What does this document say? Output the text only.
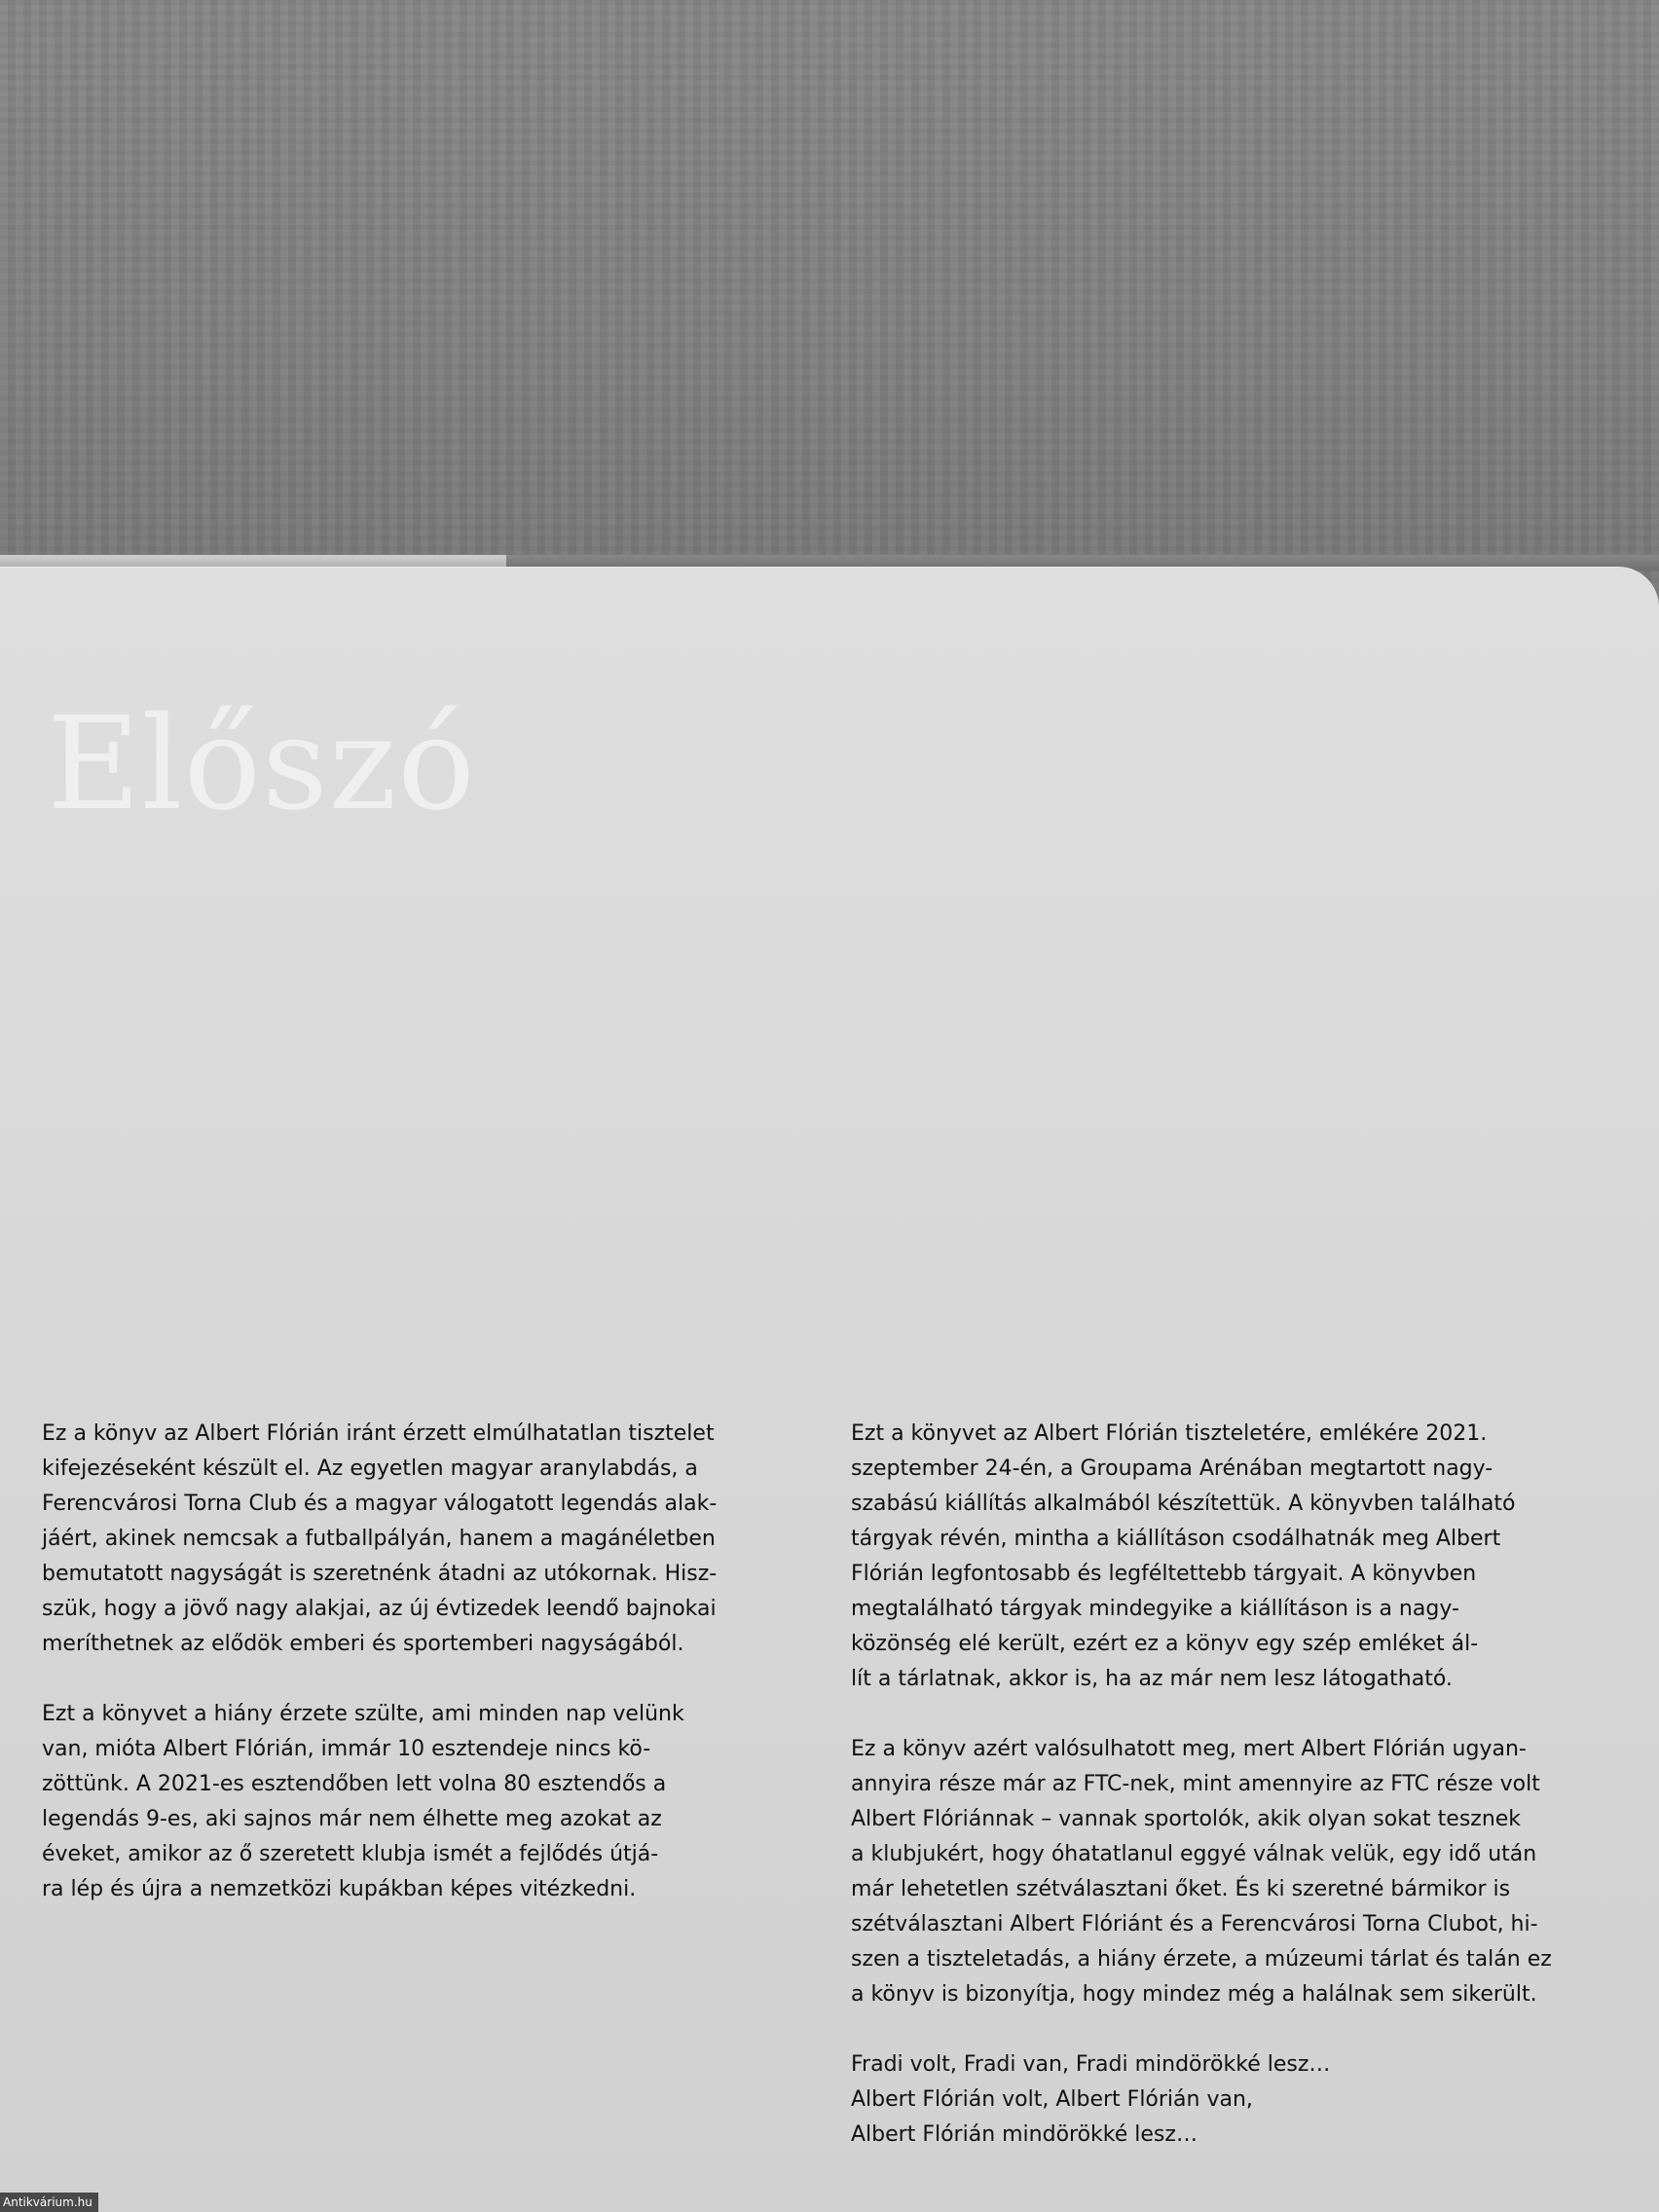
Előszó

Ez a könyv az Albert Flórián iránt érzett elmúlhatatlan tisztelet
kifejezéseként készült el. Az egyetlen magyar aranylabdás, a
Ferencvárosi Torna Club és a magyar válogatott legendás alak-
jáért, akinek nemcsak a futballpályán, hanem a magánéletben
bemutatott nagyságát is szeretnénk átadni az utókornak. Hisz-
szük, hogy a jövő nagy alakjai, az új évtizedek leendő bajnokai
meríthetnek az elődök emberi és sportemberi nagyságából.

Ezt a könyvet a hiány érzete szülte, ami minden nap velünk
van, mióta Albert Flórián, immár 10 esztendeje nincs kö-
zöttünk. A 2021-es esztendőben lett volna 80 esztendős a
legendás 9-es, aki sajnos már nem élhette meg azokat az
éveket, amikor az ő szeretett klubja ismét a fejlődés útjá-
ra lép és újra a nemzetközi kupákban képes vitézkedni.

Ezt a könyvet az Albert Flórián tiszteletére, emlékére 2021.
szeptember 24-én, a Groupama Arénában megtartott nagy-
szabású kiállítás alkalmából készítettük. A könyvben található
tárgyak révén, mintha a kiállításon csodálhatnák meg Albert
Flórián legfontosabb és legféltettebb tárgyait. A könyvben
megtalálható tárgyak mindegyike a kiállításon is a nagy-
közönség elé került, ezért ez a könyv egy szép emléket ál-
lít a tárlatnak, akkor is, ha az már nem lesz látogatható.

Ez a könyv azért valósulhatott meg, mert Albert Flórián ugyan-
annyira része már az FTC-nek, mint amennyire az FTC része volt
Albert Flóriánnak – vannak sportolók, akik olyan sokat tesznek
a klubjukért, hogy óhatatlanul eggyé válnak velük, egy idő után
már lehetetlen szétválasztani őket. És ki szeretné bármikor is
szétválasztani Albert Flóriánt és a Ferencvárosi Torna Clubot, hi-
szen a tiszteletadás, a hiány érzete, a múzeumi tárlat és talán ez
a könyv is bizonyítja, hogy mindez még a halálnak sem sikerült.

Fradi volt, Fradi van, Fradi mindörökké lesz…
Albert Flórián volt, Albert Flórián van,
Albert Flórián mindörökké lesz…

Antikvárium.hu
